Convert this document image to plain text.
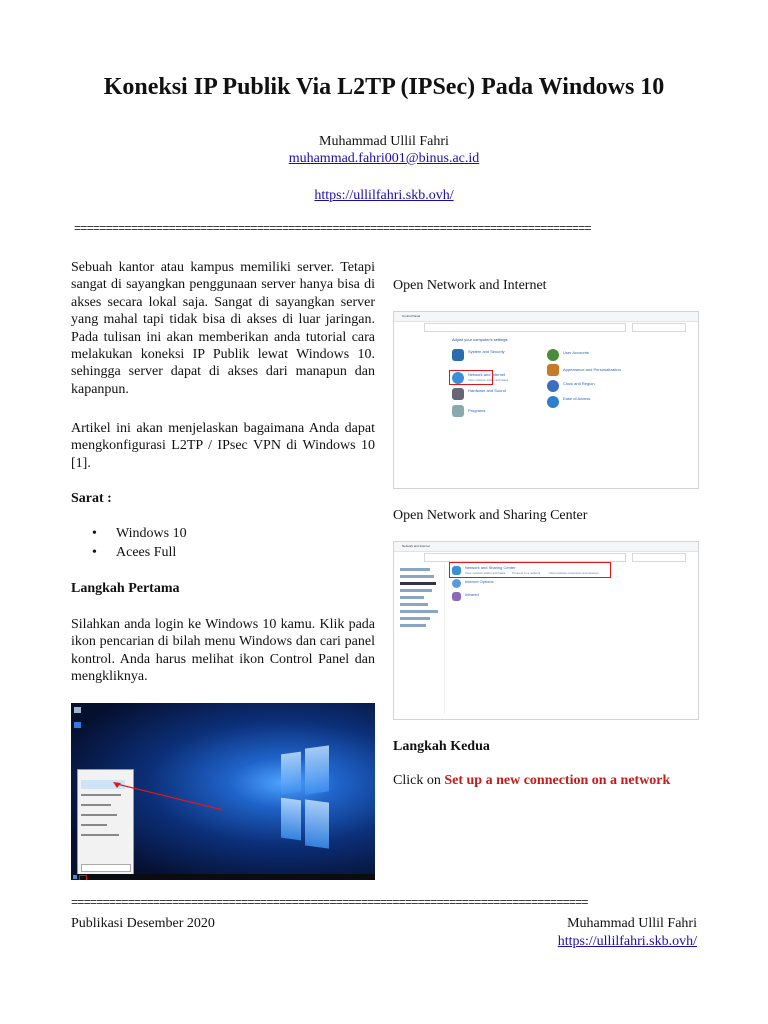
Koneksi IP Publik Via L2TP (IPSec) Pada Windows 10
Muhammad Ullil Fahri
muhammad.fahri001@binus.ac.id
https://ullilfahri.skb.ovh/
==================================================================================
Sebuah kantor atau kampus memiliki server. Tetapi sangat di sayangkan penggunaan server hanya bisa di akses secara lokal saja. Sangat di sayangkan server yang mahal tapi tidak bisa di akses di luar jaringan. Pada tulisan ini akan memberikan anda tutorial cara melakukan koneksi IP Publik lewat Windows 10. sehingga server dapat di akses dari manapun dan kapanpun.
Artikel ini akan menjelaskan bagaimana Anda dapat mengkonfigurasi L2TP / IPsec VPN di Windows 10 [1].
Sarat :
• Windows 10
• Acees Full
Langkah Pertama
Silahkan anda login ke Windows 10 kamu. Klik pada ikon pencarian di bilah menu Windows dan cari panel kontrol. Anda harus melihat ikon Control Panel dan mengkliknya.
Open Network and Internet
Control Panel
Adjust your computer's settings
System and Security
Network and Internet
View network status and tasks
Hardware and Sound
Programs
User Accounts
Appearance and Personalization
Clock and Region
Ease of Access
Open Network and Sharing Center
Network and Internet
Network and Sharing Center
View network status and tasks Connect to a network	View network computers and devices
Internet Options
Infrared
Langkah Kedua
Click on Set up a new connection on a network
==================================================================================
Publikasi Desember 2020	Muhammad Ullil Fahri
https://ullilfahri.skb.ovh/
